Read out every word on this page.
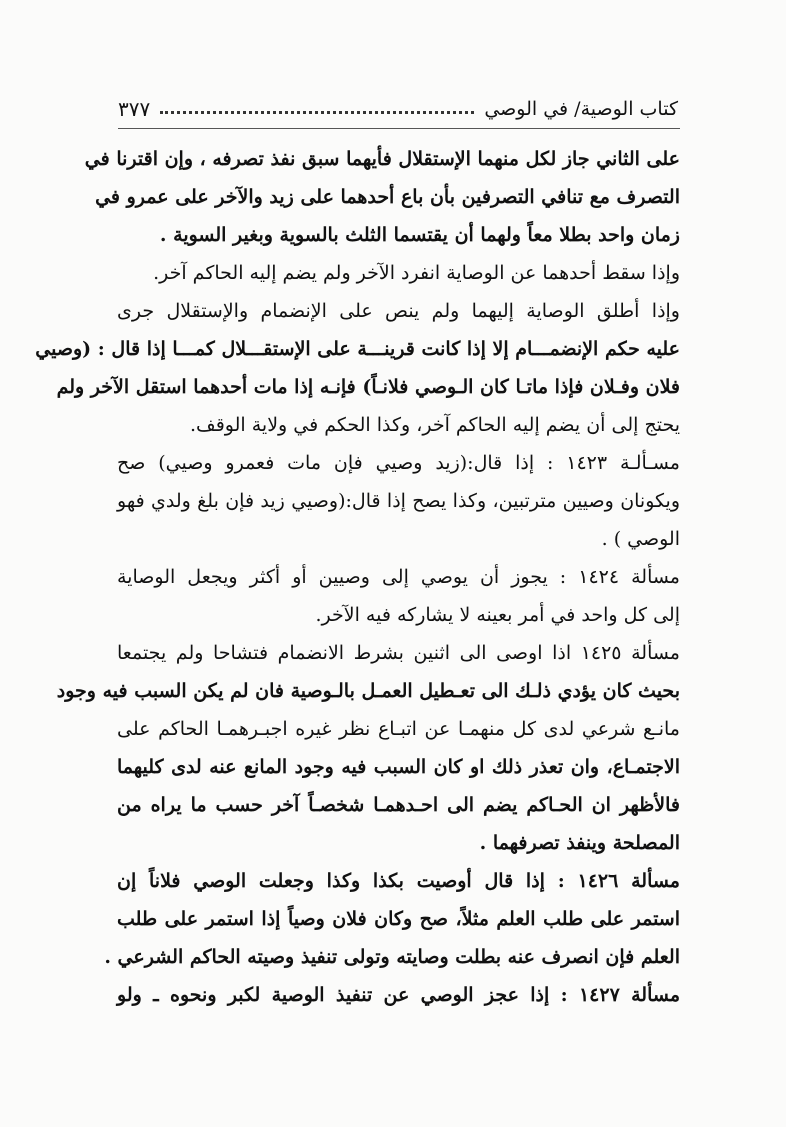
كتاب الوصية/ في الوصي
٣٧٧
على الثاني جاز لكل منهما الإستقلال فأيهما سبق نفذ تصرفه ، وإن اقترنا في
التصرف مع تنافي التصرفين بأن باع أحدهما على زيد والآخر على عمرو في
زمان واحد بطلا معاً ولهما أن يقتسما الثلث بالسوية وبغير السوية .
وإذا سقط أحدهما عن الوصاية انفرد الآخر ولم يضم إليه الحاكم آخر.
وإذا أطلق الوصاية إليهما ولم ينص على الإنضمام والإستقلال جرى
عليه حكم الإنضمـــام إلا إذا كانت قرينـــة على الإستقـــلال كمـــا إذا قال : (وصيي
فلان وفـلان فإذا ماتـا كان الـوصي فلانـاً) فإنـه إذا مات أحدهما استقل الآخر ولم
يحتج إلى أن يضم إليه الحاكم آخر، وكذا الحكم في ولاية الوقف.
مسـألـة ١٤٢٣ : إذا قال:(زيد وصيي فإن مات فعمرو وصيي) صح
ويكونان وصيين مترتبين، وكذا يصح إذا قال:(وصيي زيد فإن بلغ ولدي فهو
الوصي ) .
مسألة ١٤٢٤ : يجوز أن يوصي إلى وصيين أو أكثر ويجعل الوصاية
إلى كل واحد في أمر بعينه لا يشاركه فيه الآخر.
مسألة ١٤٢٥ اذا اوصى الى اثنين بشرط الانضمام فتشاحا ولم يجتمعا
بحيث كان يؤدي ذلـك الى تعـطيل العمـل بالـوصية فان لم يكن السبب فيه وجود
مانـع شرعي لدى كل منهمـا عن اتبـاع نظر غيره اجبـرهمـا الحاكم على
الاجتمـاع، وان تعذر ذلك او كان السبب فيه وجود المانع عنه لدى كليهما
فالأظهر ان الحـاكم يضم الى احـدهمـا شخصـاً آخر حسب ما يراه من
المصلحة وينفذ تصرفهما .
مسألة ١٤٢٦ : إذا قال أوصيت بكذا وكذا وجعلت الوصي فلاناً إن
استمر على طلب العلم مثلاً، صح وكان فلان وصياً إذا استمر على طلب
العلم فإن انصرف عنه بطلت وصايته وتولى تنفيذ وصيته الحاكم الشرعي .
مسألة ١٤٢٧ : إذا عجز الوصي عن تنفيذ الوصية لكبر ونحوه ـ ولو
